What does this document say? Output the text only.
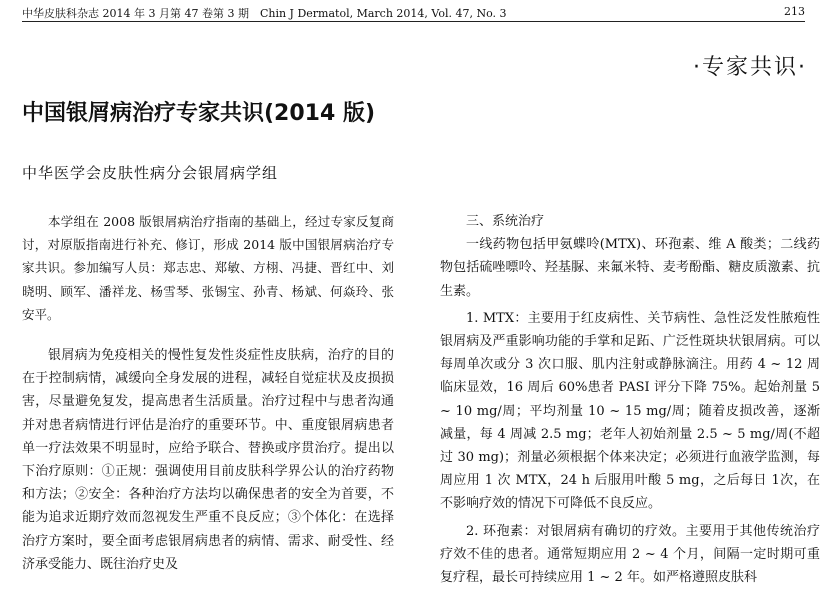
中华皮肤科杂志 2014 年 3 月第 47 卷第 3 期　Chin J Dermatol, March 2014, Vol. 47, No. 3	213
·专家共识·
中国银屑病治疗专家共识(2014 版)
中华医学会皮肤性病分会银屑病学组

本学组在 2008 版银屑病治疗指南的基础上，经过专家反复商讨，对原版指南进行补充、修订，形成 2014 版中国银屑病治疗专家共识。参加编写人员：郑志忠、郑敏、方栩、冯捷、晋红中、刘晓明、顾军、潘祥龙、杨雪琴、张锡宝、孙青、杨斌、何焱玲、张安平。

银屑病为免疫相关的慢性复发性炎症性皮肤病，治疗的目的在于控制病情，减缓向全身发展的进程，减轻自觉症状及皮损损害，尽量避免复发，提高患者生活质量。治疗过程中与患者沟通并对患者病情进行评估是治疗的重要环节。中、重度银屑病患者单一疗法效果不明显时，应给予联合、替换或序贯治疗。提出以下治疗原则：①正规：强调使用目前皮肤科学界公认的治疗药物和方法；②安全：各种治疗方法均以确保患者的安全为首要，不能为追求近期疗效而忽视发生严重不良反应；③个体化：在选择治疗方案时，要全面考虑银屑病患者的病情、需求、耐受性、经济承受能力、既往治疗史及

三、系统治疗

一线药物包括甲氨蝶呤(MTX)、环孢素、维 A 酸类；二线药物包括硫唑嘌呤、羟基脲、来氟米特、麦考酚酯、糖皮质激素、抗生素。

1. MTX：主要用于红皮病性、关节病性、急性泛发性脓疱性银屑病及严重影响功能的手掌和足跖、广泛性斑块状银屑病。可以每周单次或分 3 次口服、肌内注射或静脉滴注。用药 4 ~ 12 周临床显效，16 周后 60%患者 PASI 评分下降 75%。起始剂量 5 ~ 10 mg/周；平均剂量 10 ~ 15 mg/周；随着皮损改善，逐渐减量，每 4 周减 2.5 mg；老年人初始剂量 2.5 ~ 5 mg/周(不超过 30 mg)；剂量必须根据个体来决定；必须进行血液学监测，每周应用 1 次 MTX，24 h 后服用叶酸 5 mg，之后每日 1次，在不影响疗效的情况下可降低不良反应。

2. 环孢素：对银屑病有确切的疗效。主要用于其他传统治疗疗效不佳的患者。通常短期应用 2 ~ 4 个月，间隔一定时期可重复疗程，最长可持续应用 1 ~ 2 年。如严格遵照皮肤科
